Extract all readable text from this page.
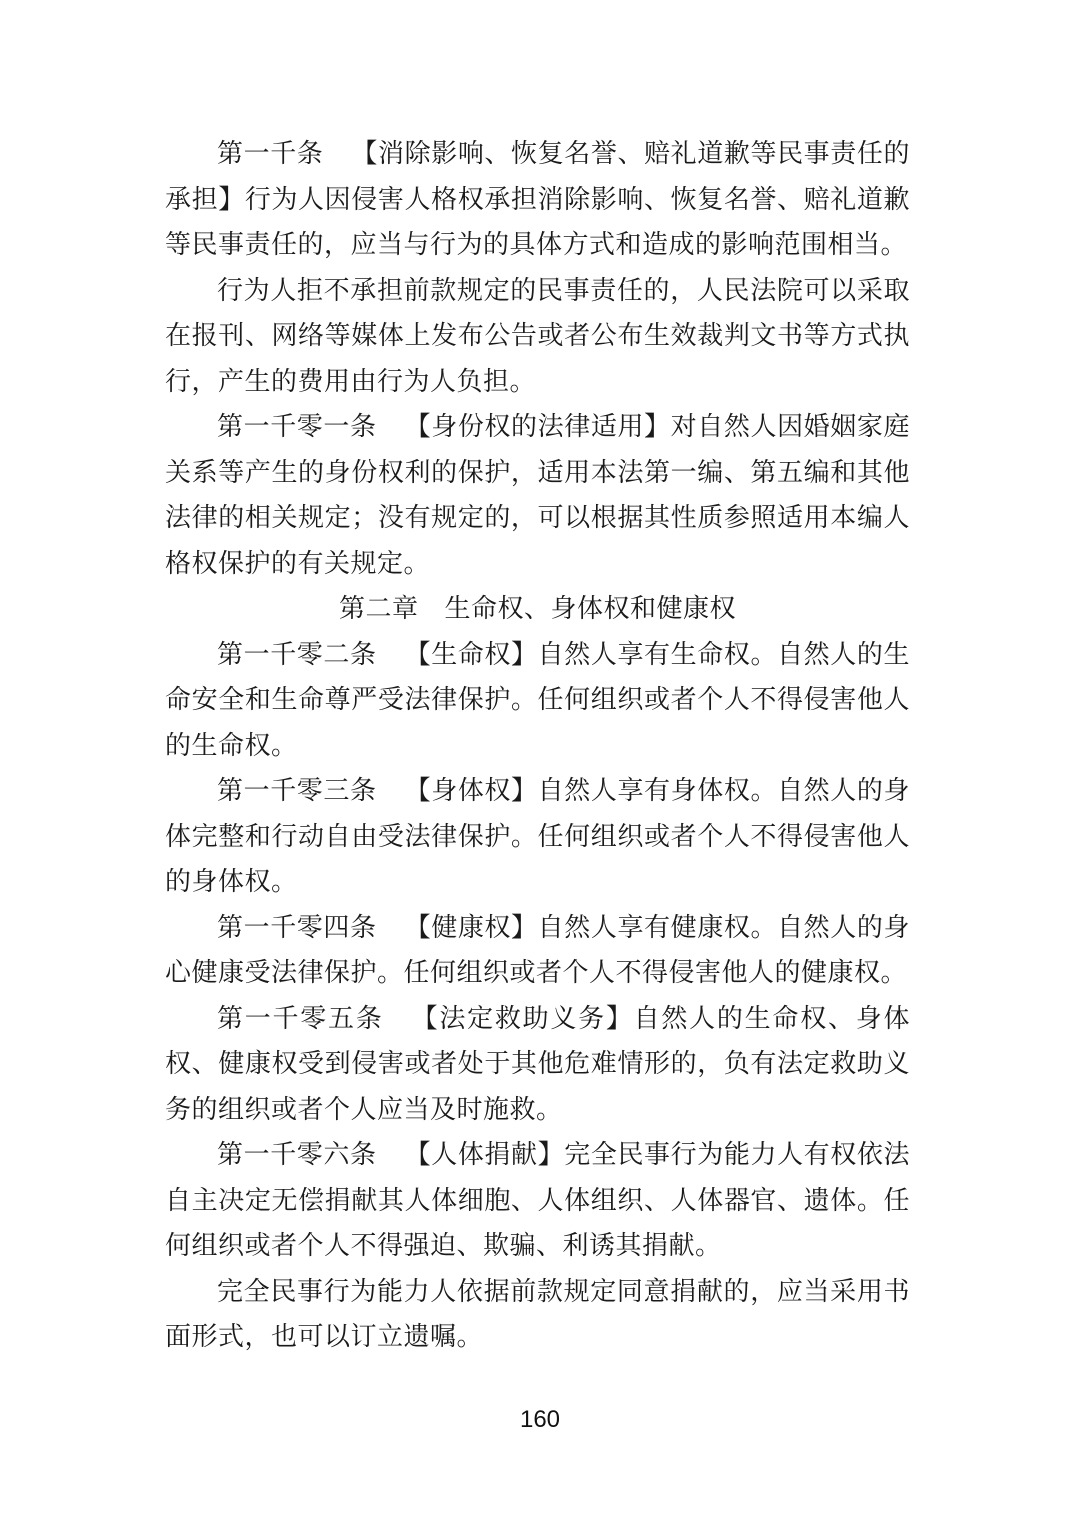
第一千条 【消除影响、恢复名誉、赔礼道歉等民事责任的承担】行为人因侵害人格权承担消除影响、恢复名誉、赔礼道歉等民事责任的，应当与行为的具体方式和造成的影响范围相当。

行为人拒不承担前款规定的民事责任的，人民法院可以采取在报刊、网络等媒体上发布公告或者公布生效裁判文书等方式执行，产生的费用由行为人负担。

第一千零一条 【身份权的法律适用】对自然人因婚姻家庭关系等产生的身份权利的保护，适用本法第一编、第五编和其他法律的相关规定；没有规定的，可以根据其性质参照适用本编人格权保护的有关规定。

第二章 生命权、身体权和健康权

第一千零二条 【生命权】自然人享有生命权。自然人的生命安全和生命尊严受法律保护。任何组织或者个人不得侵害他人的生命权。

第一千零三条 【身体权】自然人享有身体权。自然人的身体完整和行动自由受法律保护。任何组织或者个人不得侵害他人的身体权。

第一千零四条 【健康权】自然人享有健康权。自然人的身心健康受法律保护。任何组织或者个人不得侵害他人的健康权。

第一千零五条 【法定救助义务】自然人的生命权、身体权、健康权受到侵害或者处于其他危难情形的，负有法定救助义务的组织或者个人应当及时施救。

第一千零六条 【人体捐献】完全民事行为能力人有权依法自主决定无偿捐献其人体细胞、人体组织、人体器官、遗体。任何组织或者个人不得强迫、欺骗、利诱其捐献。

完全民事行为能力人依据前款规定同意捐献的，应当采用书面形式，也可以订立遗嘱。

160
